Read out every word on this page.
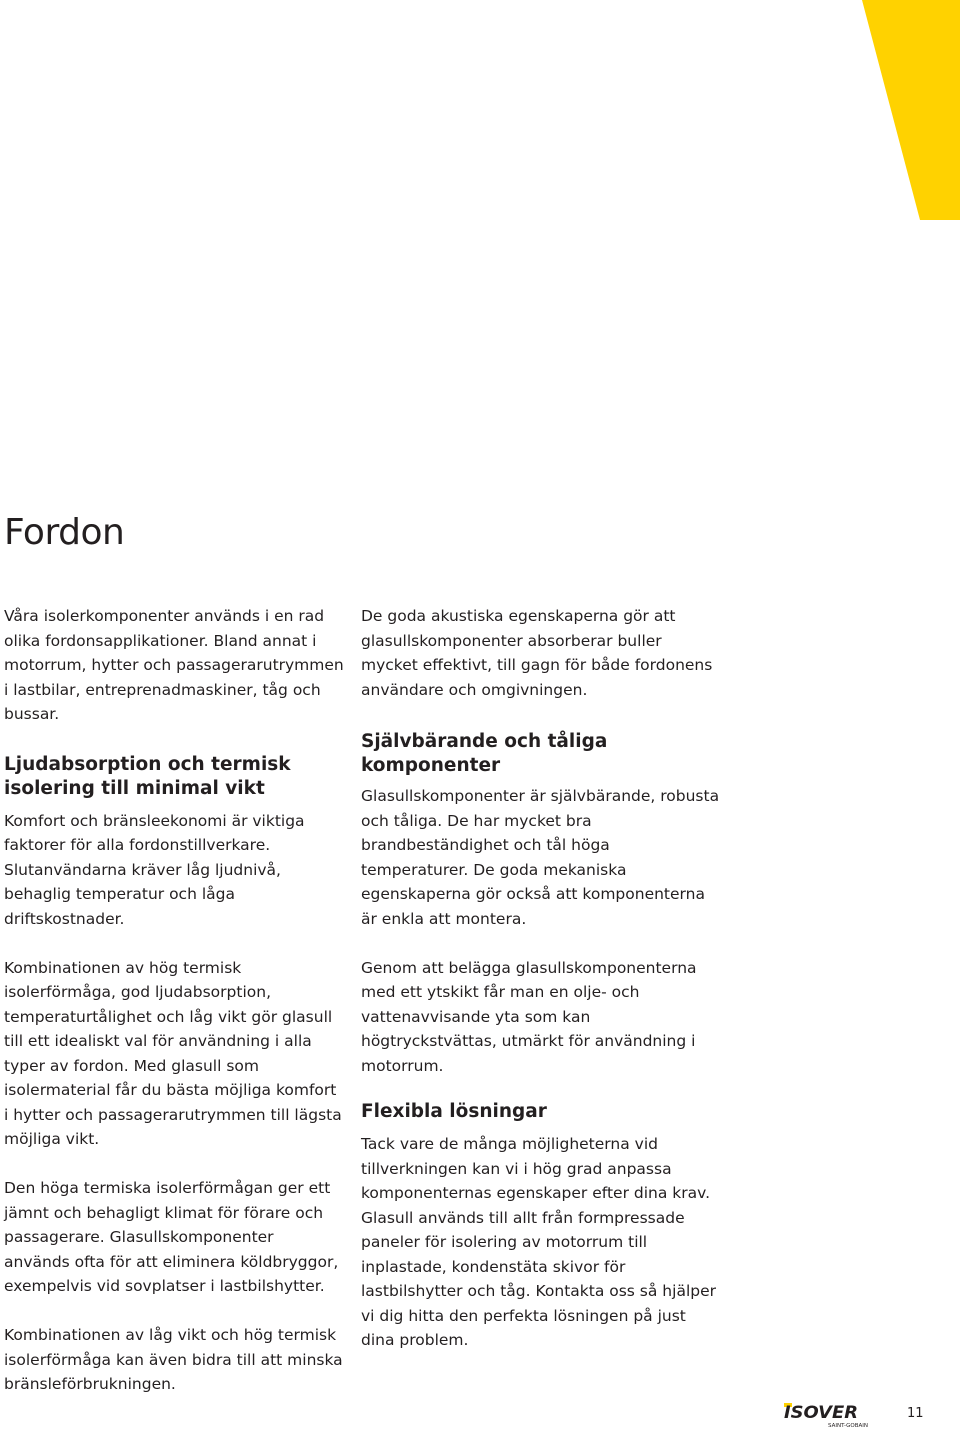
Fordon

Våra isolerkomponenter används i en rad olika fordonsapplikationer. Bland annat i motorrum, hytter och passagerarutrymmen i lastbilar, entreprenadmaskiner, tåg och bussar.

Ljudabsorption och termisk isolering till minimal vikt

Komfort och bränsleekonomi är viktiga faktorer för alla fordonstillverkare. Slutanvändarna kräver låg ljudnivå, behaglig temperatur och låga driftskostnader.

Kombinationen av hög termisk isolerförmåga, god ljudabsorption, temperaturtålighet och låg vikt gör glasull till ett idealiskt val för användning i alla typer av fordon. Med glasull som isolermaterial får du bästa möjliga komfort i hytter och passagerarutrymmen till lägsta möjliga vikt.

Den höga termiska isolerförmågan ger ett jämnt och behagligt klimat för förare och passagerare. Glasullskomponenter används ofta för att eliminera köldbryggor, exempelvis vid sovplatser i lastbilshytter.

Kombinationen av låg vikt och hög termisk isolerförmåga kan även bidra till att minska bränsleförbrukningen.

De goda akustiska egenskaperna gör att glasullskomponenter absorberar buller mycket effektivt, till gagn för både fordonens användare och omgivningen.

Självbärande och tåliga komponenter

Glasullskomponenter är självbärande, robusta och tåliga. De har mycket bra brandbeständighet och tål höga temperaturer. De goda mekaniska egenskaperna gör också att komponenterna är enkla att montera.

Genom att belägga glasullskomponenterna med ett ytskikt får man en olje- och vattenavvisande yta som kan högtryckstvättas, utmärkt för användning i motorrum.

Flexibla lösningar

Tack vare de många möjligheterna vid tillverkningen kan vi i hög grad anpassa komponenternas egenskaper efter dina krav. Glasull används till allt från formpressade paneler för isolering av motorrum till inplastade, kondenstäta skivor för lastbilshytter och tåg. Kontakta oss så hjälper vi dig hitta den perfekta lösningen på just dina problem.

ISOVER
SAINT-GOBAIN
11
